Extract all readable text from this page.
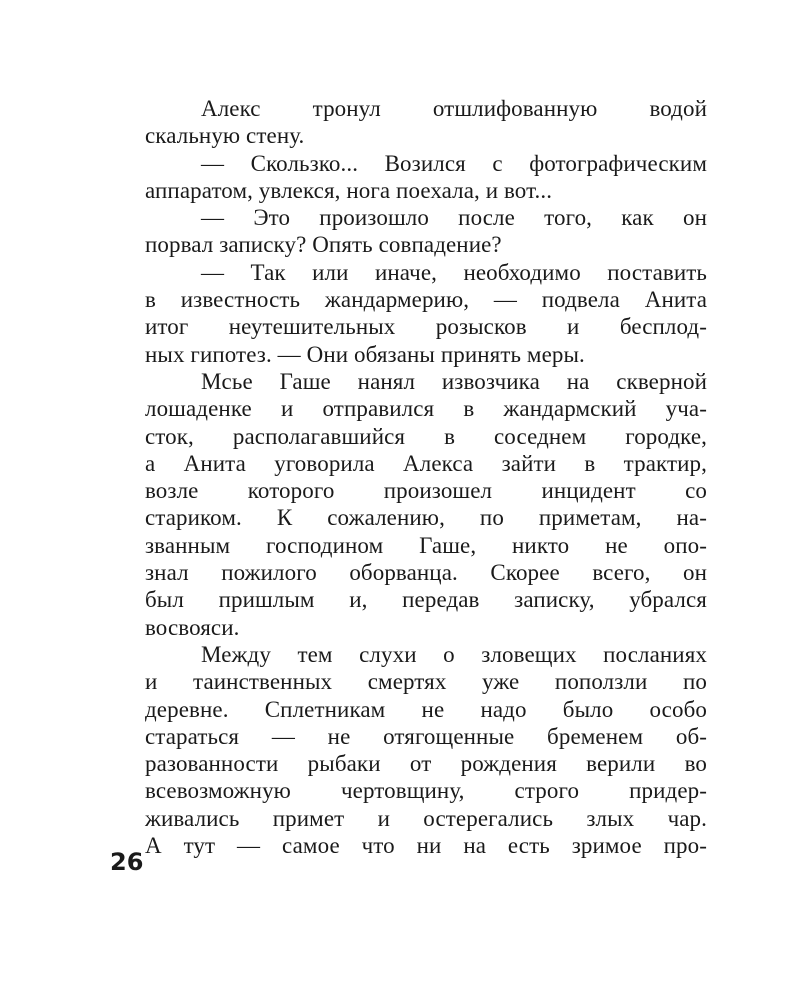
Алекс тронул отшлифованную водой
скальную стену.
— Скользко... Возился с фотографическим
аппаратом, увлекся, нога поехала, и вот...
— Это произошло после того, как он
порвал записку? Опять совпадение?
— Так или иначе, необходимо поставить
в известность жандармерию, — подвела Анита
итог неутешительных розысков и бесплод-
ных гипотез. — Они обязаны принять меры.
Мсье Гаше нанял извозчика на скверной
лошаденке и отправился в жандармский уча-
сток, располагавшийся в соседнем городке,
а Анита уговорила Алекса зайти в трактир,
возле которого произошел инцидент со
стариком. К сожалению, по приметам, на-
званным господином Гаше, никто не опо-
знал пожилого оборванца. Скорее всего, он
был пришлым и, передав записку, убрался
восвояси.
Между тем слухи о зловещих посланиях
и таинственных смертях уже поползли по
деревне. Сплетникам не надо было особо
стараться — не отягощенные бременем об-
разованности рыбаки от рождения верили во
всевозможную чертовщину, строго придер-
живались примет и остерегались злых чар.
А тут — самое что ни на есть зримое про-
26
